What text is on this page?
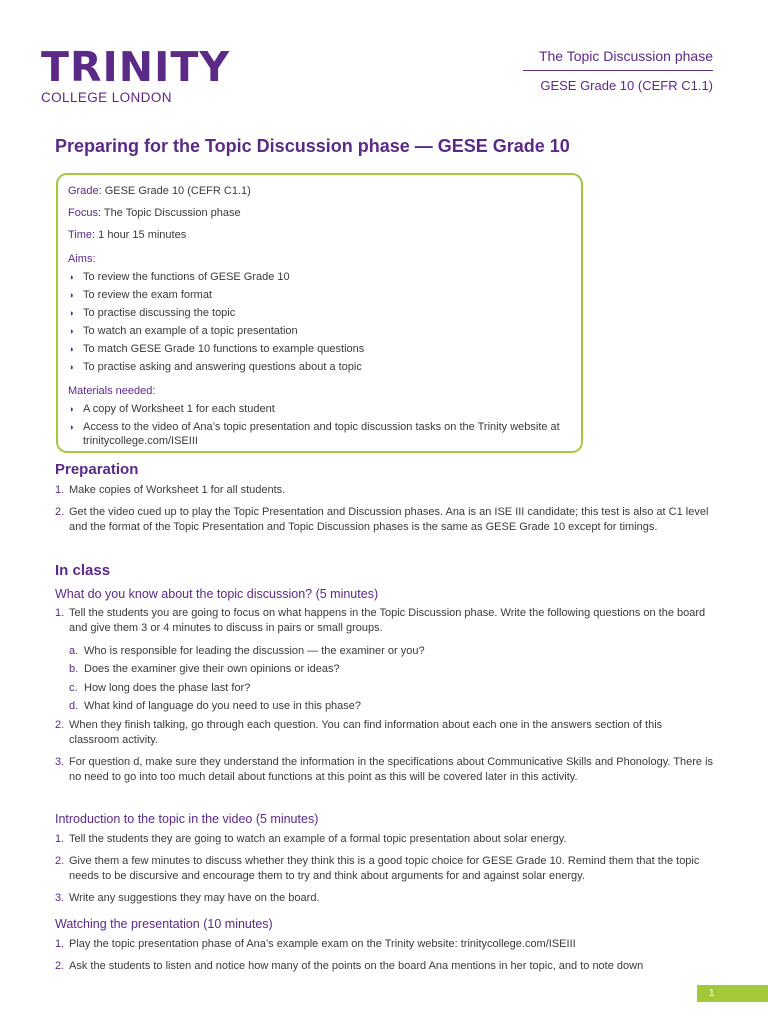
TRINITY
COLLEGE LONDON
The Topic Discussion phase
GESE Grade 10 (CEFR C1.1)
Preparing for the Topic Discussion phase — GESE Grade 10
Grade: GESE Grade 10 (CEFR C1.1)
Focus: The Topic Discussion phase
Time: 1 hour 15 minutes
Aims:
◗ To review the functions of GESE Grade 10
◗ To review the exam format
◗ To practise discussing the topic
◗ To watch an example of a topic presentation
◗ To match GESE Grade 10 functions to example questions
◗ To practise asking and answering questions about a topic
Materials needed:
◗ A copy of Worksheet 1 for each student
◗ Access to the video of Ana’s topic presentation and topic discussion tasks on the Trinity website at trinitycollege.com/ISEIII
Preparation
1. Make copies of Worksheet 1 for all students.
2. Get the video cued up to play the Topic Presentation and Discussion phases. Ana is an ISE III candidate; this test is also at C1 level and the format of the Topic Presentation and Topic Discussion phases is the same as GESE Grade 10 except for timings.
In class
What do you know about the topic discussion? (5 minutes)
1. Tell the students you are going to focus on what happens in the Topic Discussion phase. Write the following questions on the board and give them 3 or 4 minutes to discuss in pairs or small groups.
a. Who is responsible for leading the discussion — the examiner or you?
b. Does the examiner give their own opinions or ideas?
c. How long does the phase last for?
d. What kind of language do you need to use in this phase?
2. When they finish talking, go through each question. You can find information about each one in the answers section of this classroom activity.
3. For question d, make sure they understand the information in the specifications about Communicative Skills and Phonology. There is no need to go into too much detail about functions at this point as this will be covered later in this activity.
Introduction to the topic in the video (5 minutes)
1. Tell the students they are going to watch an example of a formal topic presentation about solar energy.
2. Give them a few minutes to discuss whether they think this is a good topic choice for GESE Grade 10. Remind them that the topic needs to be discursive and encourage them to try and think about arguments for and against solar energy.
3. Write any suggestions they may have on the board.
Watching the presentation (10 minutes)
1. Play the topic presentation phase of Ana’s example exam on the Trinity website: trinitycollege.com/ISEIII
2. Ask the students to listen and notice how many of the points on the board Ana mentions in her topic, and to note down
1
